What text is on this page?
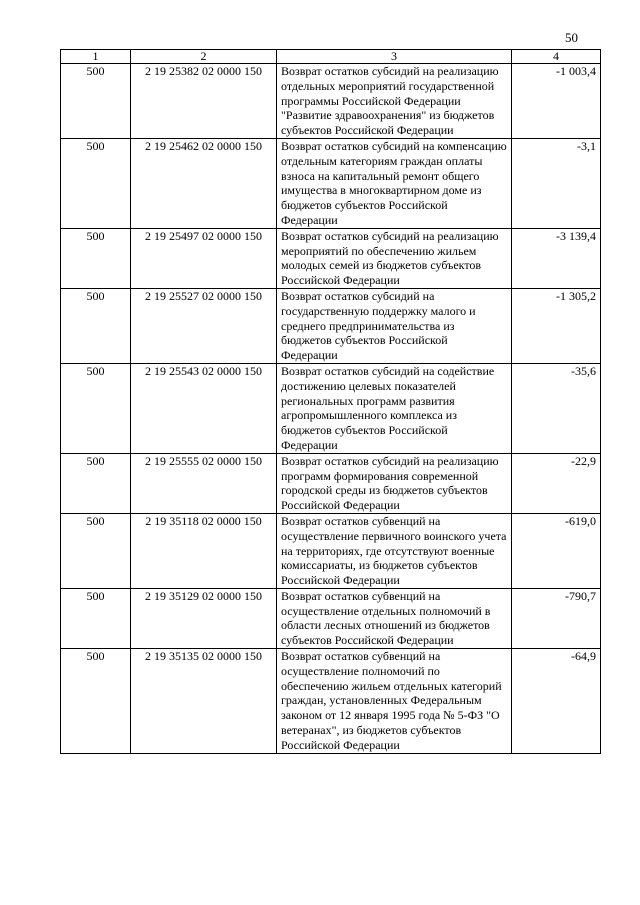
50
1	2	3	4
500	2 19 25382 02 0000 150	Возврат остатков субсидий на реализацию отдельных мероприятий государственной программы Российской Федерации "Развитие здравоохранения" из бюджетов субъектов Российской Федерации	-1 003,4
500	2 19 25462 02 0000 150	Возврат остатков субсидий на компенсацию отдельным категориям граждан оплаты взноса на капитальный ремонт общего имущества в многоквартирном доме из бюджетов субъектов Российской Федерации	-3,1
500	2 19 25497 02 0000 150	Возврат остатков субсидий на реализацию мероприятий по обеспечению жильем молодых семей из бюджетов субъектов Российской Федерации	-3 139,4
500	2 19 25527 02 0000 150	Возврат остатков субсидий на государственную поддержку малого и среднего предпринимательства из бюджетов субъектов Российской Федерации	-1 305,2
500	2 19 25543 02 0000 150	Возврат остатков субсидий на содействие достижению целевых показателей региональных программ развития агропромышленного комплекса из бюджетов субъектов Российской Федерации	-35,6
500	2 19 25555 02 0000 150	Возврат остатков субсидий на реализацию программ формирования современной городской среды из бюджетов субъектов Российской Федерации	-22,9
500	2 19 35118 02 0000 150	Возврат остатков субвенций на осуществление первичного воинского учета на территориях, где отсутствуют военные комиссариаты, из бюджетов субъектов Российской Федерации	-619,0
500	2 19 35129 02 0000 150	Возврат остатков субвенций на осуществление отдельных полномочий в области лесных отношений из бюджетов субъектов Российской Федерации	-790,7
500	2 19 35135 02 0000 150	Возврат остатков субвенций на осуществление полномочий по обеспечению жильем отдельных категорий граждан, установленных Федеральным законом от 12 января 1995 года № 5-ФЗ "О ветеранах", из бюджетов субъектов Российской Федерации	-64,9
